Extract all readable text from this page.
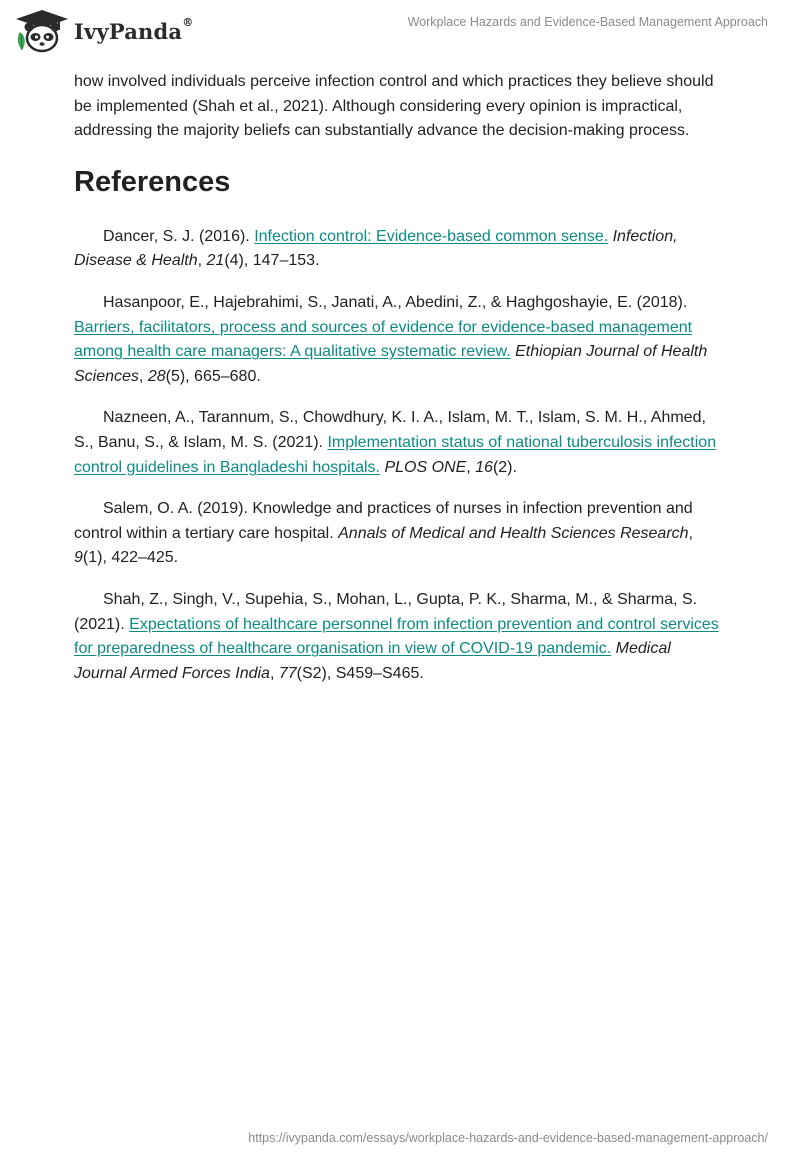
IvyPanda®	Workplace Hazards and Evidence-Based Management Approach

how involved individuals perceive infection control and which practices they believe should be implemented (Shah et al., 2021). Although considering every opinion is impractical, addressing the majority beliefs can substantially advance the decision-making process.

References

Dancer, S. J. (2016). Infection control: Evidence-based common sense. Infection, Disease & Health, 21(4), 147–153.

Hasanpoor, E., Hajebrahimi, S., Janati, A., Abedini, Z., & Haghgoshayie, E. (2018). Barriers, facilitators, process and sources of evidence for evidence-based management among health care managers: A qualitative systematic review. Ethiopian Journal of Health Sciences, 28(5), 665–680.

Nazneen, A., Tarannum, S., Chowdhury, K. I. A., Islam, M. T., Islam, S. M. H., Ahmed, S., Banu, S., & Islam, M. S. (2021). Implementation status of national tuberculosis infection control guidelines in Bangladeshi hospitals. PLOS ONE, 16(2).

Salem, O. A. (2019). Knowledge and practices of nurses in infection prevention and control within a tertiary care hospital. Annals of Medical and Health Sciences Research, 9(1), 422–425.

Shah, Z., Singh, V., Supehia, S., Mohan, L., Gupta, P. K., Sharma, M., & Sharma, S. (2021). Expectations of healthcare personnel from infection prevention and control services for preparedness of healthcare organisation in view of COVID-19 pandemic. Medical Journal Armed Forces India, 77(S2), S459–S465.

https://ivypanda.com/essays/workplace-hazards-and-evidence-based-management-approach/
